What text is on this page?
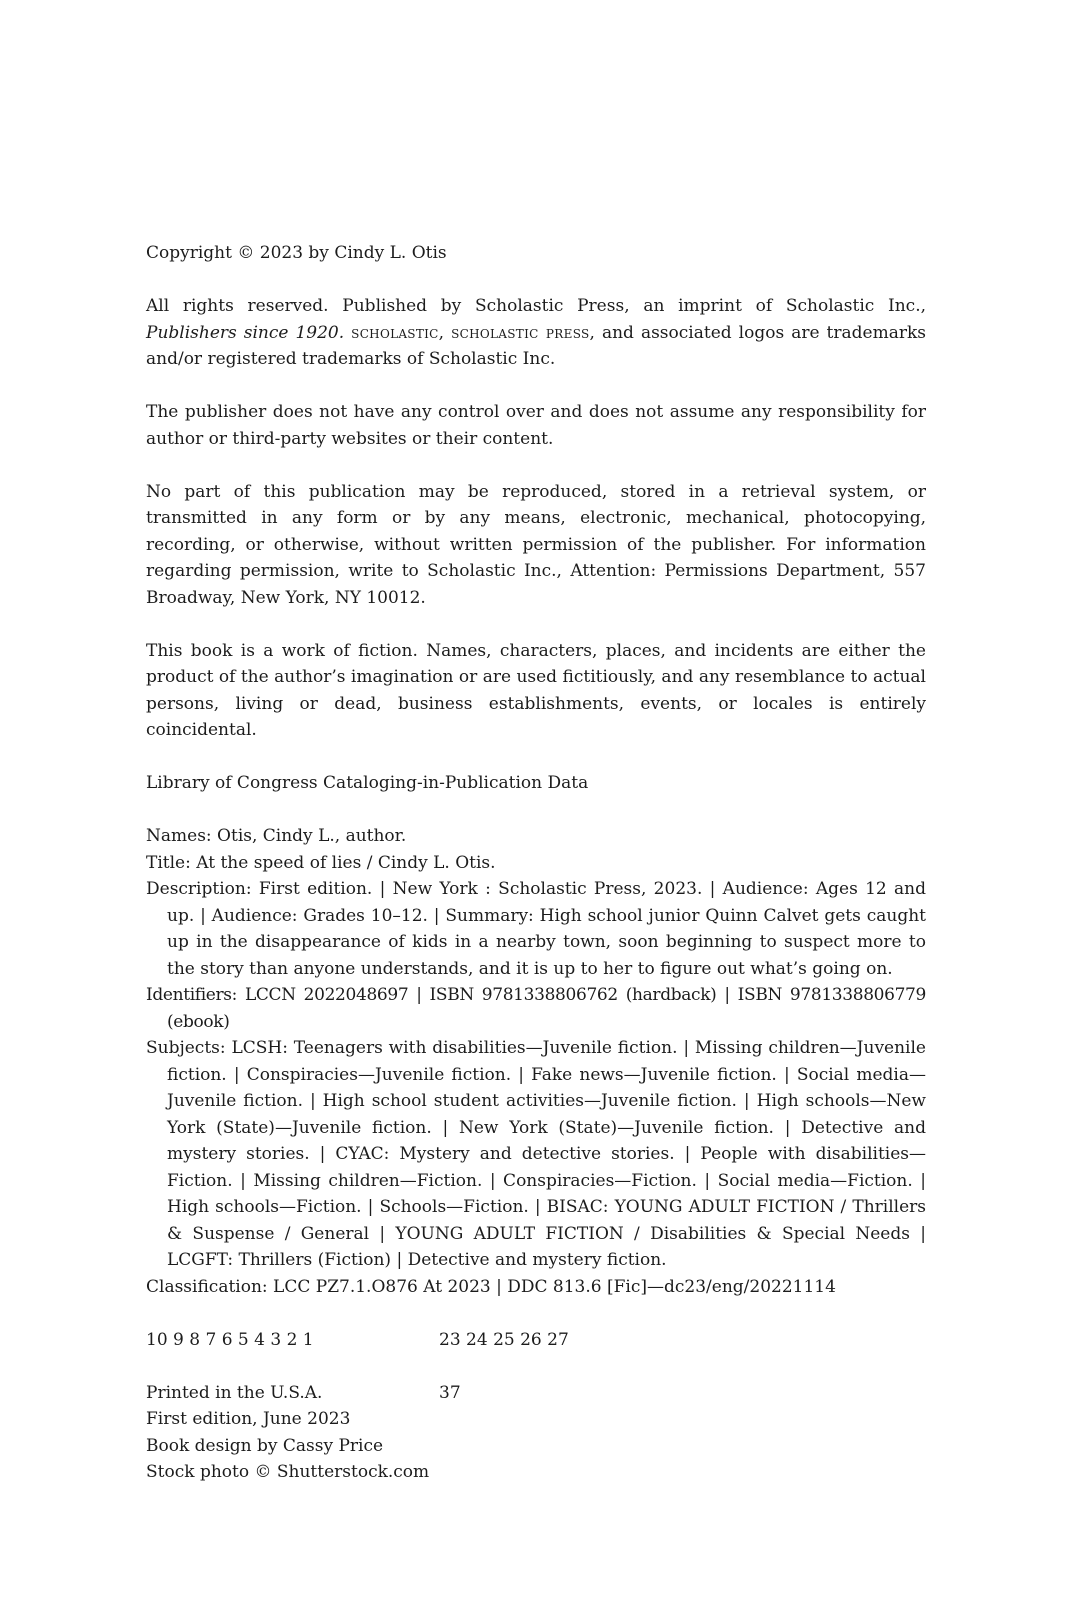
Copyright © 2023 by Cindy L. Otis

All rights reserved. Published by Scholastic Press, an imprint of Scholastic Inc., Publishers since 1920. scholastic, scholastic press, and associated logos are trademarks and/or registered trademarks of Scholastic Inc.

The publisher does not have any control over and does not assume any responsibility for author or third-party websites or their content.

No part of this publication may be reproduced, stored in a retrieval system, or transmitted in any form or by any means, electronic, mechanical, photocopying, recording, or otherwise, without written permission of the publisher. For information regarding permission, write to Scholastic Inc., Attention: Permissions Department, 557 Broadway, New York, NY 10012.

This book is a work of fiction. Names, characters, places, and incidents are either the product of the author’s imagination or are used fictitiously, and any resemblance to actual persons, living or dead, business establishments, events, or locales is entirely coincidental.

Library of Congress Cataloging-in-Publication Data

Names: Otis, Cindy L., author.

Title: At the speed of lies / Cindy L. Otis.

Description: First edition. | New York : Scholastic Press, 2023. | Audience: Ages 12 and up. | Audience: Grades 10–12. | Summary: High school junior Quinn Calvet gets caught up in the disappearance of kids in a nearby town, soon beginning to suspect more to the story than anyone understands, and it is up to her to figure out what’s going on.

Identifiers: LCCN 2022048697 | ISBN 9781338806762 (hardback) | ISBN 9781338806779 (ebook)

Subjects: LCSH: Teenagers with disabilities—Juvenile fiction. | Missing children—Juvenile fiction. | Conspiracies—Juvenile fiction. | Fake news—Juvenile fiction. | Social media—Juvenile fiction. | High school student activities—Juvenile fiction. | High schools—New York (State)—Juvenile fiction. | New York (State)—Juvenile fiction. | Detective and mystery stories. | CYAC: Mystery and detective stories. | People with disabilities—Fiction. | Missing children—Fiction. | Conspiracies—Fiction. | Social media—Fiction. | High schools—Fiction. | Schools—Fiction. | BISAC: YOUNG ADULT FICTION / Thrillers & Suspense / General | YOUNG ADULT FICTION / Disabilities & Special Needs | LCGFT: Thrillers (Fiction) | Detective and mystery fiction.

Classification: LCC PZ7.1.O876 At 2023 | DDC 813.6 [Fic]—dc23/eng/20221114

10 9 8 7 6 5 4 3 2 1	23 24 25 26 27
Printed in the U.S.A.	37

First edition, June 2023

Book design by Cassy Price

Stock photo © Shutterstock.com
